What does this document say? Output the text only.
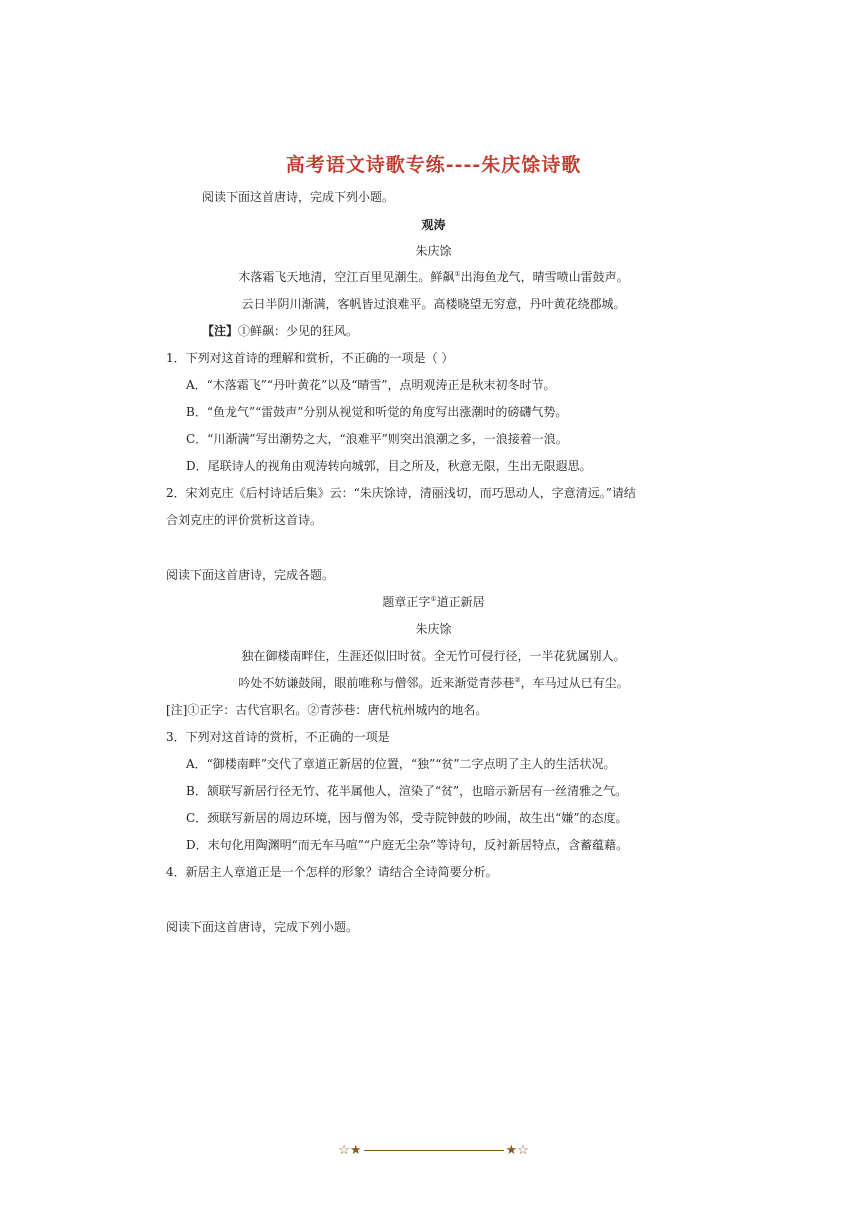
高考语文诗歌专练----朱庆馀诗歌
阅读下面这首唐诗，完成下列小题。
观涛
朱庆馀
木落霜飞天地清，空江百里见潮生。鲜飙①出海鱼龙气，晴雪喷山雷鼓声。
云日半阴川渐满，客帆皆过浪难平。高楼晓望无穷意，丹叶黄花绕郡城。
【注】①鲜飙：少见的狂风。
1．下列对这首诗的理解和赏析，不正确的一项是（ ）
A．“木落霜飞”“丹叶黄花”以及“晴雪”，点明观涛正是秋末初冬时节。
B．“鱼龙气”“雷鼓声”分别从视觉和听觉的角度写出涨潮时的磅礴气势。
C．“川渐满”写出潮势之大，“浪难平”则突出浪潮之多，一浪接着一浪。
D．尾联诗人的视角由观涛转向城郭，目之所及，秋意无限，生出无限遐思。
2．宋刘克庄《后村诗话后集》云：“朱庆馀诗，清丽浅切，而巧思动人，字意清远。”请结
合刘克庄的评价赏析这首诗。
阅读下面这首唐诗，完成各题。
题章正字①道正新居
朱庆馀
独在御楼南畔住，生涯还似旧时贫。全无竹可侵行径，一半花犹属别人。
吟处不妨谦鼓闹，眼前唯称与僧邻。近来渐觉青莎巷②，车马过从已有尘。
[注]①正字：古代官职名。②青莎巷：唐代杭州城内的地名。
3．下列对这首诗的赏析，不正确的一项是
A．“御楼南畔”交代了章道正新居的位置，“独”“贫”二字点明了主人的生活状况。
B．颔联写新居行径无竹、花半属他人，渲染了“贫”，也暗示新居有一丝清雅之气。
C．颈联写新居的周边环境，因与僧为邻，受寺院钟鼓的吵闹，故生出“嫌”的态度。
D．末句化用陶渊明“而无车马喧”“户庭无尘杂”等诗句，反衬新居特点，含蓄蕴藉。
4．新居主人章道正是一个怎样的形象？请结合全诗简要分析。
阅读下面这首唐诗，完成下列小题。
☆★	★☆
